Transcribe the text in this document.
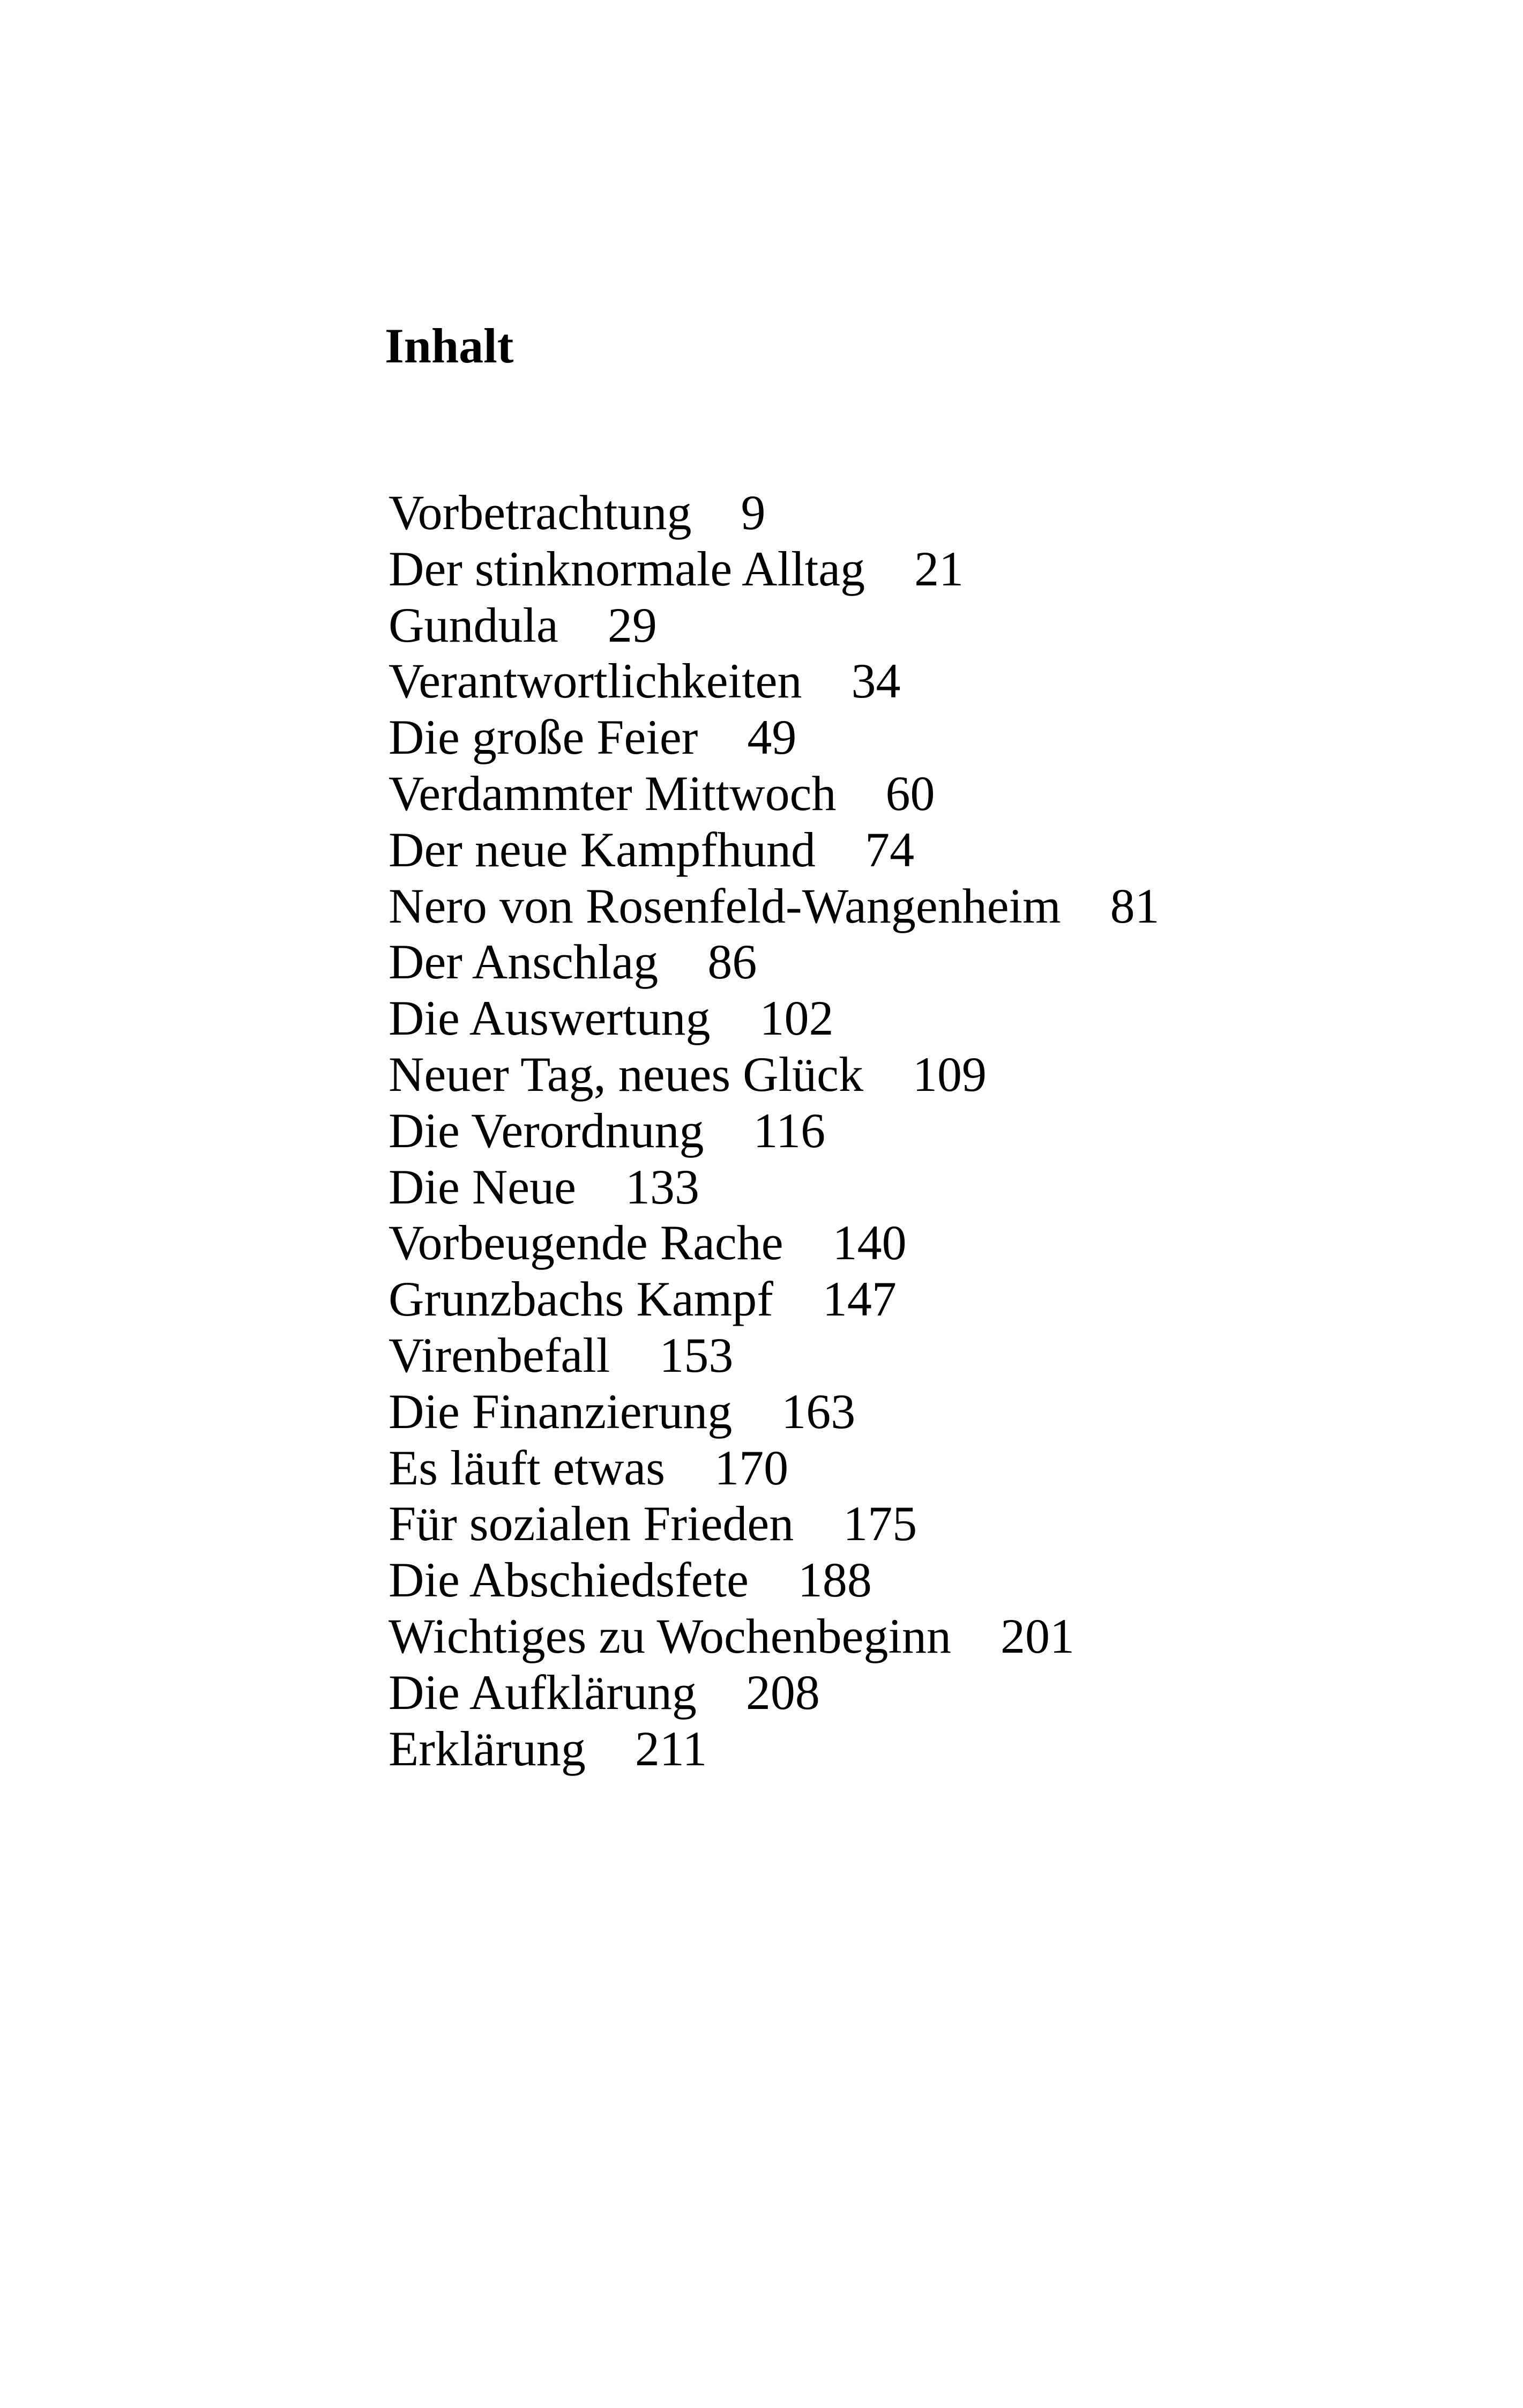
Inhalt
Vorbetrachtung 9
Der stinknormale Alltag 21
Gundula 29
Verantwortlichkeiten 34
Die große Feier 49
Verdammter Mittwoch 60
Der neue Kampfhund 74
Nero von Rosenfeld-Wangenheim 81
Der Anschlag 86
Die Auswertung 102
Neuer Tag, neues Glück 109
Die Verordnung 116
Die Neue 133
Vorbeugende Rache 140
Grunzbachs Kampf 147
Virenbefall 153
Die Finanzierung 163
Es läuft etwas 170
Für sozialen Frieden 175
Die Abschiedsfete 188
Wichtiges zu Wochenbeginn 201
Die Aufklärung 208
Erklärung 211
